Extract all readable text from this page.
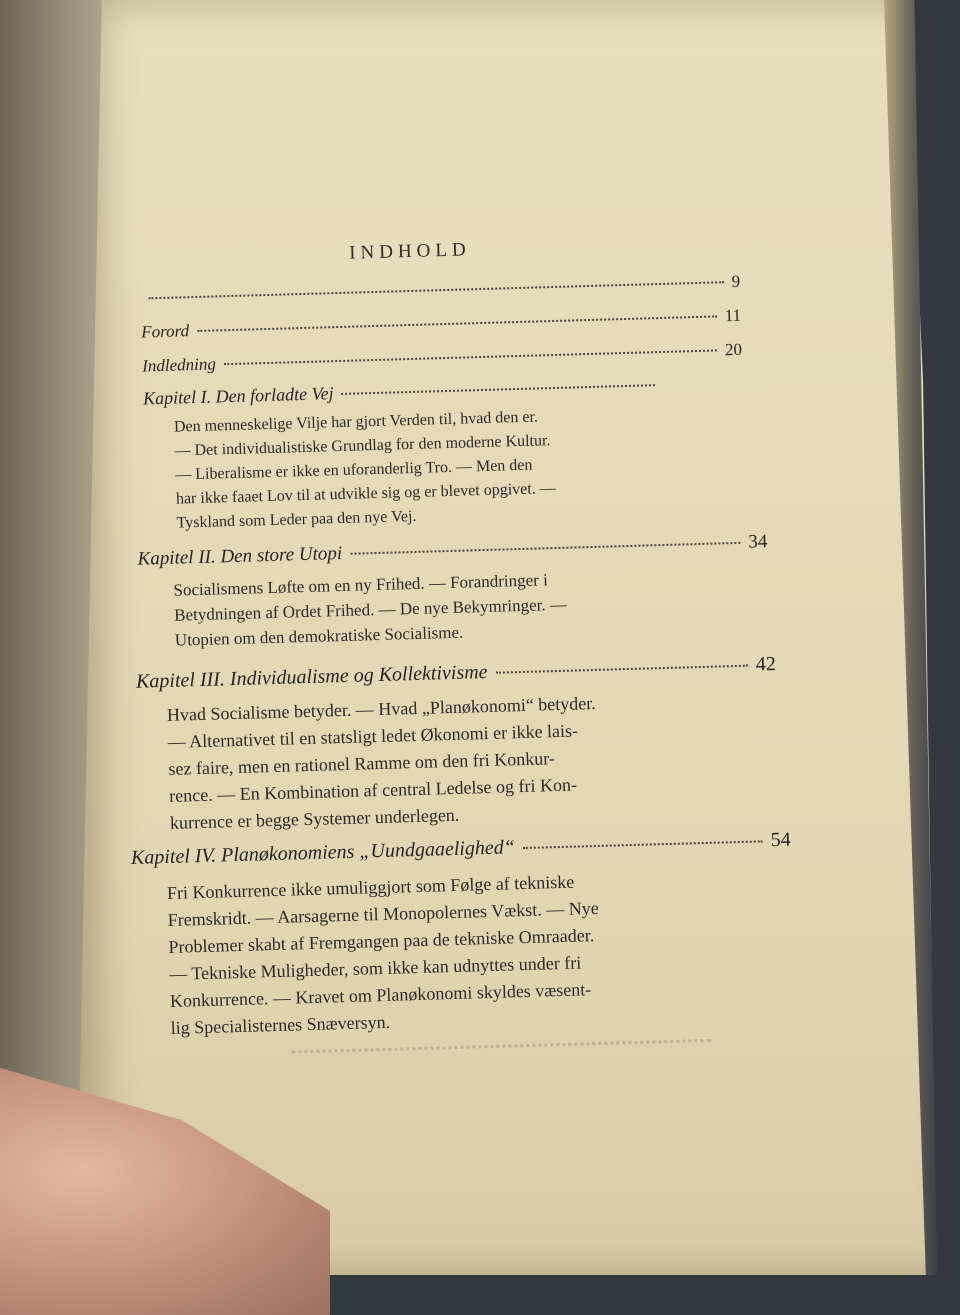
INDHOLD
9
Forord
11
Indledning
20
Kapitel I. Den forladte Vej
Den menneskelige Vilje har gjort Verden til, hvad den er.
— Det individualistiske Grundlag for den moderne Kultur.
— Liberalisme er ikke en uforanderlig Tro. — Men den
har ikke faaet Lov til at udvikle sig og er blevet opgivet. —
Tyskland som Leder paa den nye Vej.
Kapitel II. Den store Utopi
34
Socialismens Løfte om en ny Frihed. — Forandringer i
Betydningen af Ordet Frihed. — De nye Bekymringer. —
Utopien om den demokratiske Socialisme.
Kapitel III. Individualisme og Kollektivisme	42
Hvad Socialisme betyder. — Hvad „Planøkonomi“ betyder.
— Alternativet til en statsligt ledet Økonomi er ikke lais-
sez faire, men en rationel Ramme om den fri Konkur-
rence. — En Kombination af central Ledelse og fri Kon-
kurrence er begge Systemer underlegen.
Kapitel IV. Planøkonomiens „Uundgaaelighed“	54
Fri Konkurrence ikke umuliggjort som Følge af tekniske
Fremskridt. — Aarsagerne til Monopolernes Vækst. — Nye
Problemer skabt af Fremgangen paa de tekniske Omraader.
— Tekniske Muligheder, som ikke kan udnyttes under fri
Konkurrence. — Kravet om Planøkonomi skyldes væsent-
lig Specialisternes Snæversyn.
